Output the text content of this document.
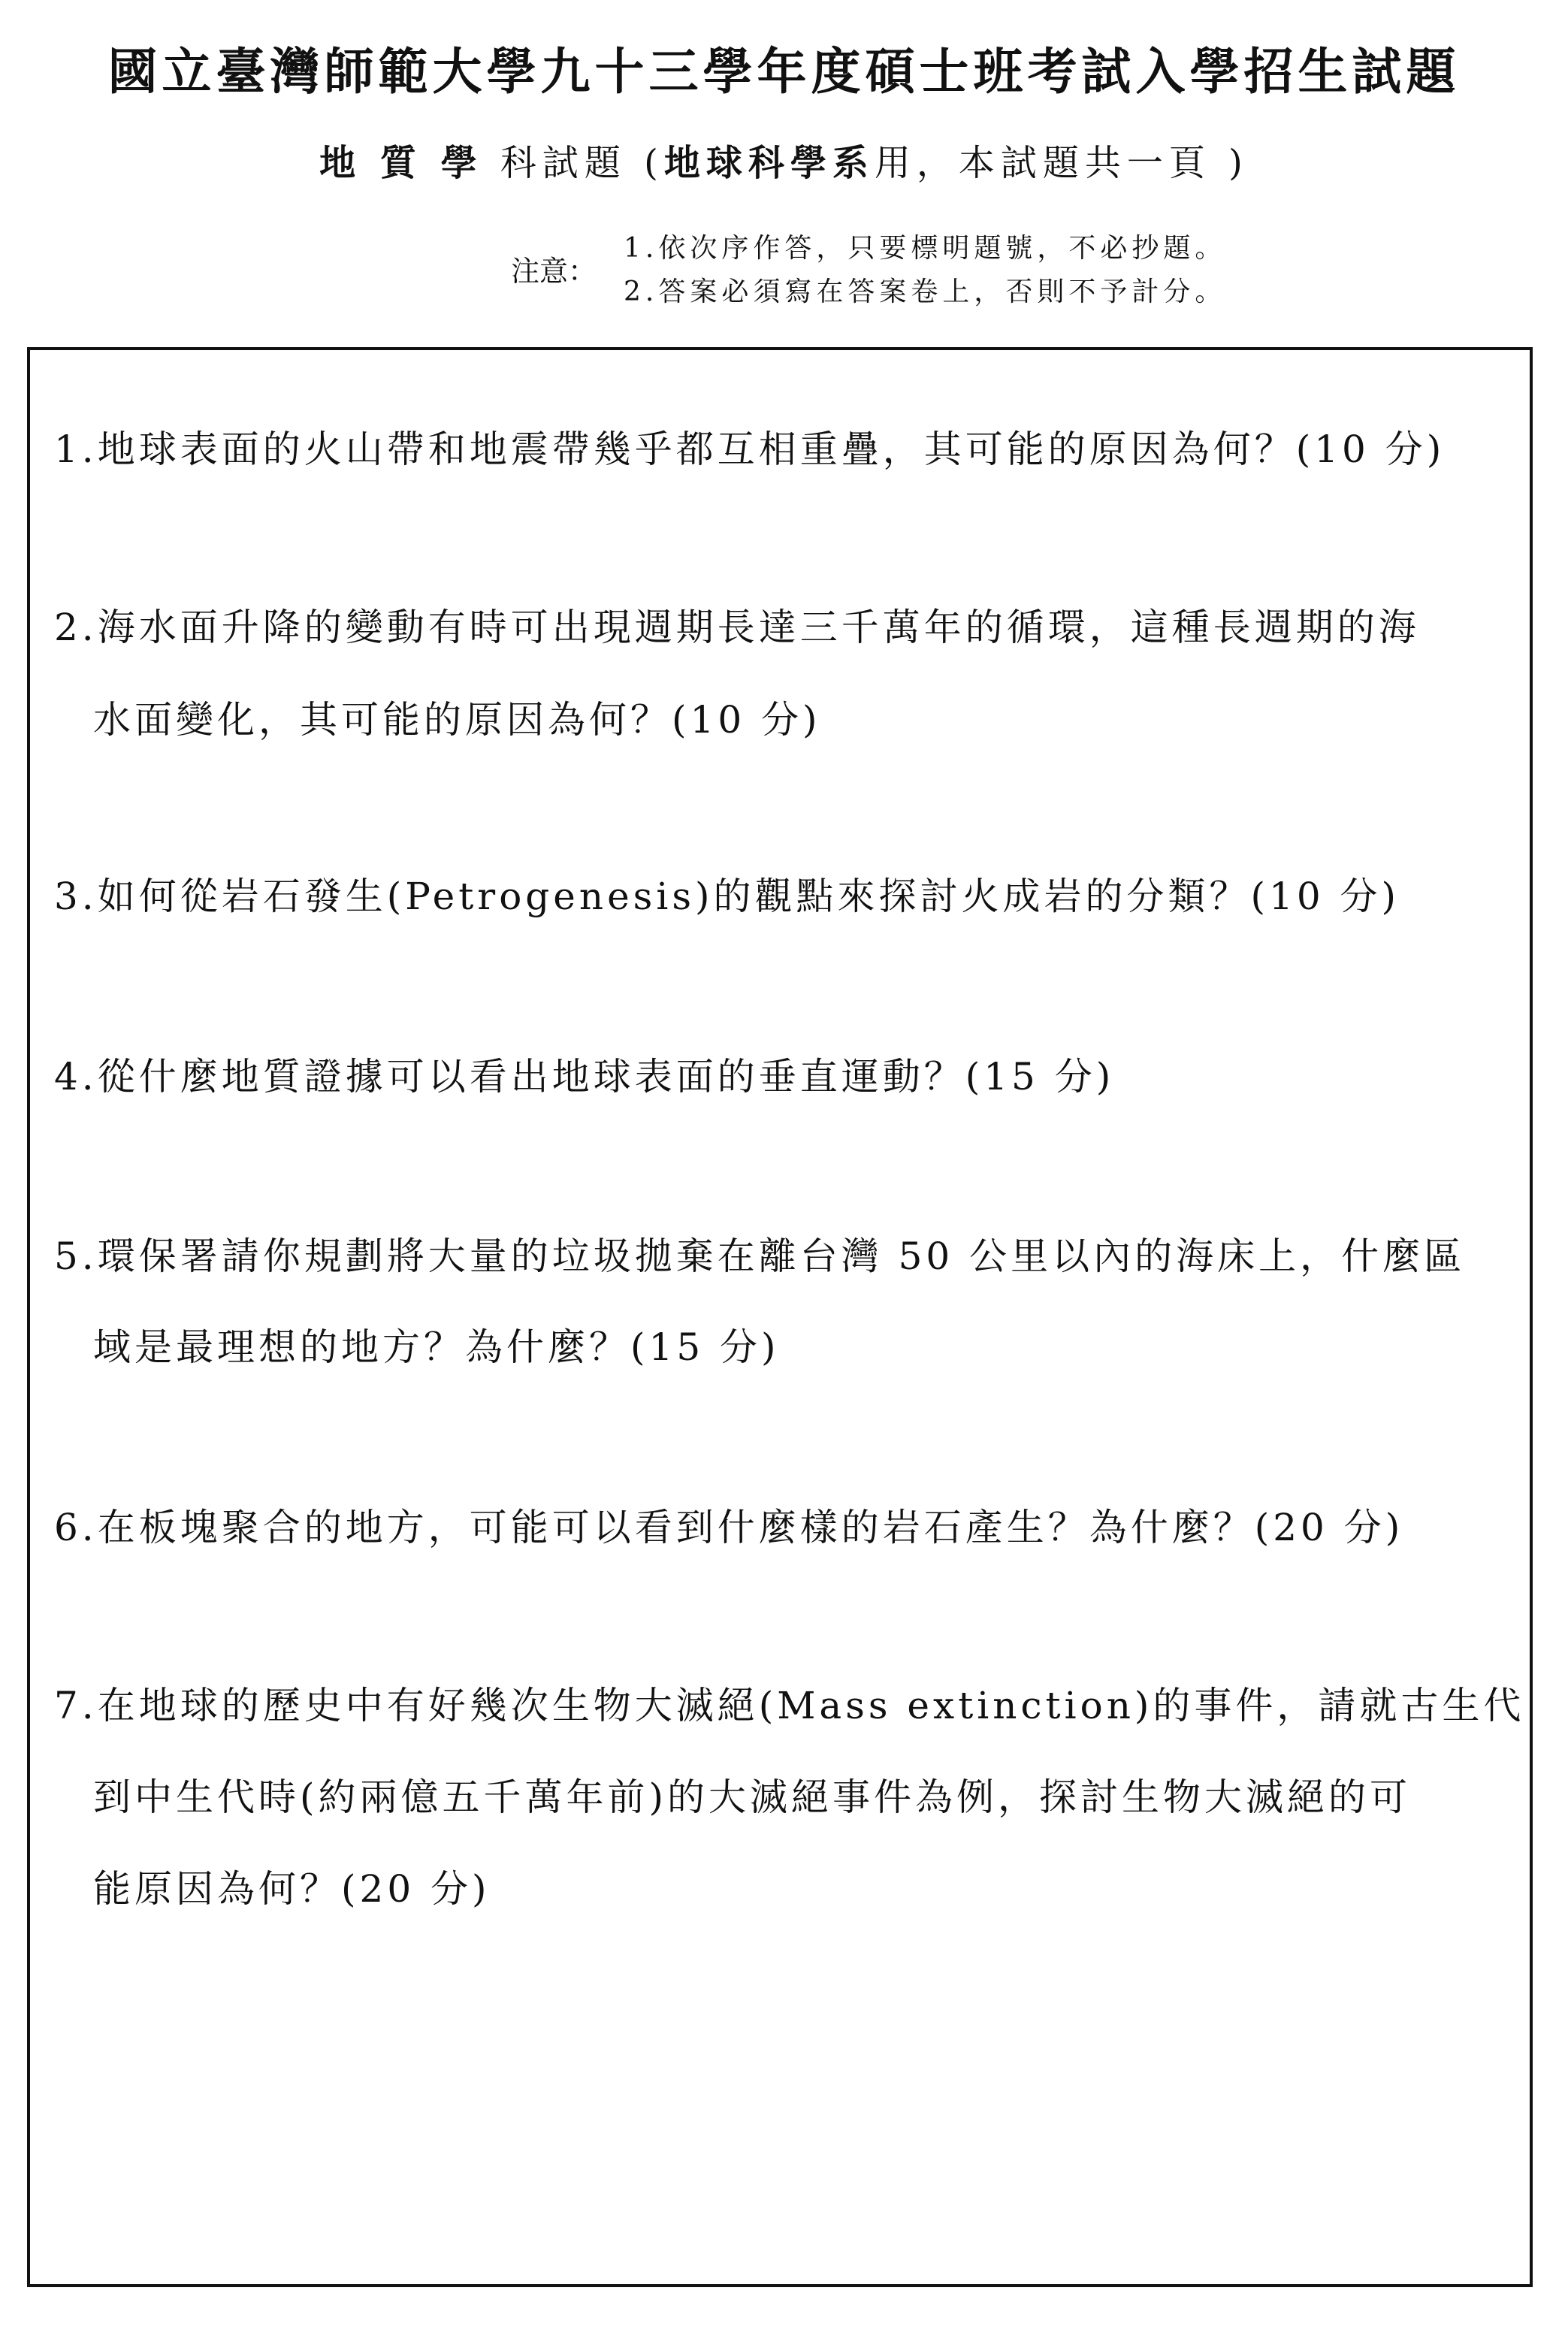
國立臺灣師範大學九十三學年度碩士班考試入學招生試題
地 質 學 科試題 (地球科學系用，本試題共一頁 )
注意：
1.依次序作答，只要標明題號，不必抄題。
2.答案必須寫在答案卷上，否則不予計分。
1.地球表面的火山帶和地震帶幾乎都互相重疊，其可能的原因為何？(10 分)
2.海水面升降的變動有時可出現週期長達三千萬年的循環，這種長週期的海
水面變化，其可能的原因為何？(10 分)
3.如何從岩石發生(Petrogenesis)的觀點來探討火成岩的分類？(10 分)
4.從什麼地質證據可以看出地球表面的垂直運動？(15 分)
5.環保署請你規劃將大量的垃圾拋棄在離台灣 50 公里以內的海床上，什麼區
域是最理想的地方？為什麼？(15 分)
6.在板塊聚合的地方，可能可以看到什麼樣的岩石產生？為什麼？(20 分)
7.在地球的歷史中有好幾次生物大滅絕(Mass extinction)的事件，請就古生代
到中生代時(約兩億五千萬年前)的大滅絕事件為例，探討生物大滅絕的可
能原因為何？(20 分)
